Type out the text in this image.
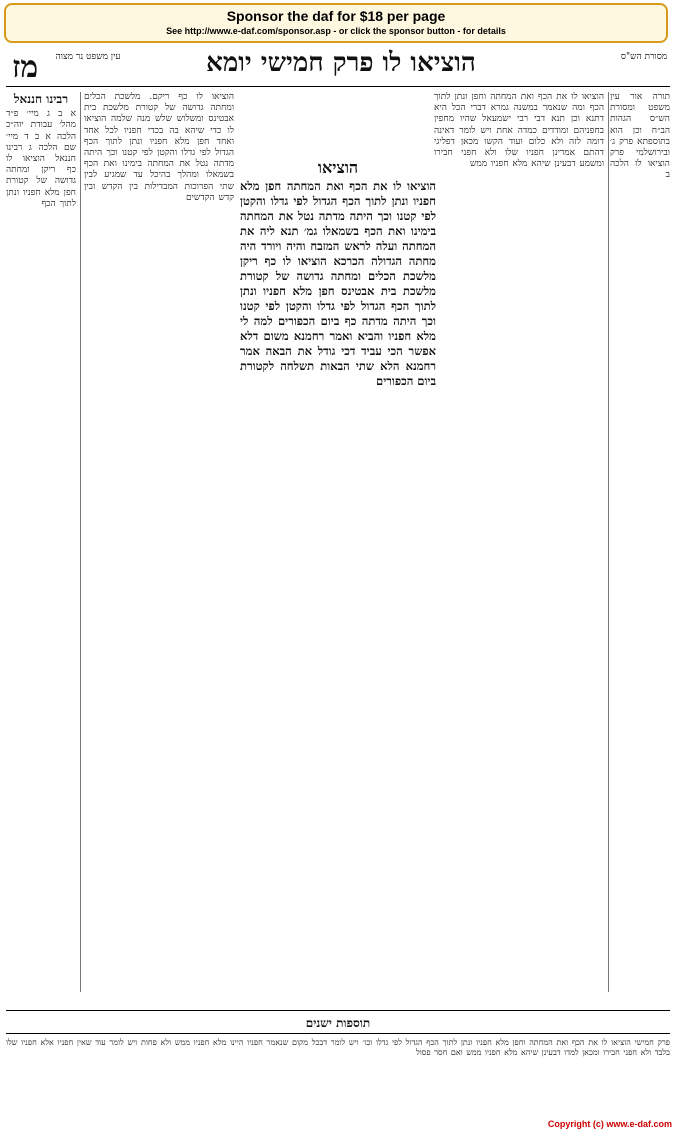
Sponsor the daf for $18 per page
See http://www.e-daf.com/sponsor.asp - or click the sponsor button - for details
מז	עין משפט נר מצוה	הוציאו לו פרק חמישי יומא	מסורת הש"ס
רבינו חננאל
א ב ג מיי׳ פ״ד מהל׳ עבודת יוה״כ הלכה א ב ד מיי׳ שם הלכה ג רבינו חננאל הוציאו לו כף ריקן ומחתה גדושה של קטורת חפן מלא חפניו ונתן לתוך הכף
הוציאו לו כף ריקם. מלשכת הכלים ומחתה גדושה של קטורת מלשכת בית אבטינס ומשלוש שלש מנה שלמה הוציאו לו כדי שיהא בה בכדי חפניו לכל אחד ואחד חפן מלא חפניו ונתן לתוך הכף הגדול לפי גדלו והקטן לפי קטנו וכך היתה מדתה נטל את המחתה בימינו ואת הכף בשמאלו ומהלך בהיכל עד שמגיע לבין שתי הפרוכות המבדילות בין הקדש ובין קדש הקדשים
הוציאו
הוציאו לו את הכף ואת המחתה חפן מלא חפניו ונתן לתוך הכף הגדול לפי גדלו והקטן לפי קטנו וכך היתה מדתה נטל את המחתה בימינו ואת הכף בשמאלו גמ׳ תנא ליה את המחתה ועלה לראש המזבח והיה ויורד היה מחתה הגדולה הכרכא הוציאו לו כף ריקן מלשכת הכלים ומחתה גדושה של קטורת מלשכת בית אבטינס חפן מלא חפניו ונתן לתוך הכף הגדול לפי גדלו והקטן לפי קטנו וכך היתה מדתה כף ביום הכפורים למה לי מלא חפניו והביא ואמר רחמנא משום דלא אפשר הכי עביד דכי גודל את הבאה אמר רחמנא הלא שתי הבאות תשלחה לקטורת ביום הכפורים
הוציאו לו את הכף ואת המחתה וחפן ונתן לתוך הכף ומה שנאמר במשנה גמרא דברי הכל היא דתנא וכן תנא דבי רבי ישמעאל שהיו מחפין בחפניהם ומודדים כמדה אחת ויש לומר דאינה דומה לזה ולא כלום ועוד הקשו מכאן דפליגי דהתם אמרינן חפניו שלו ולא חפני חבירו ומשמע דבעינן שיהא מלא חפניו ממש
תורה אור עין משפט ומסורת הש״ס הגהות הב״ח וכן הוא בתוספתא פרק ג׳ ובירושלמי פרק הוציאו לו הלכה ב
תוספות ישנים
פרק חמישי הוציאו לו את הכף ואת המחתה וחפן מלא חפניו ונתן לתוך הכף הגדול לפי גדלו וכו׳ ויש לומר דבכל מקום שנאמר חפניו היינו מלא חפניו ממש ולא פחות ויש לומר עוד שאין חפניו אלא חפניו שלו בלבד ולא חפני חבירו ומכאן למדו דבעינן שיהא מלא חפניו ממש ואם חסר פסול
Copyright (c) www.e-daf.com
